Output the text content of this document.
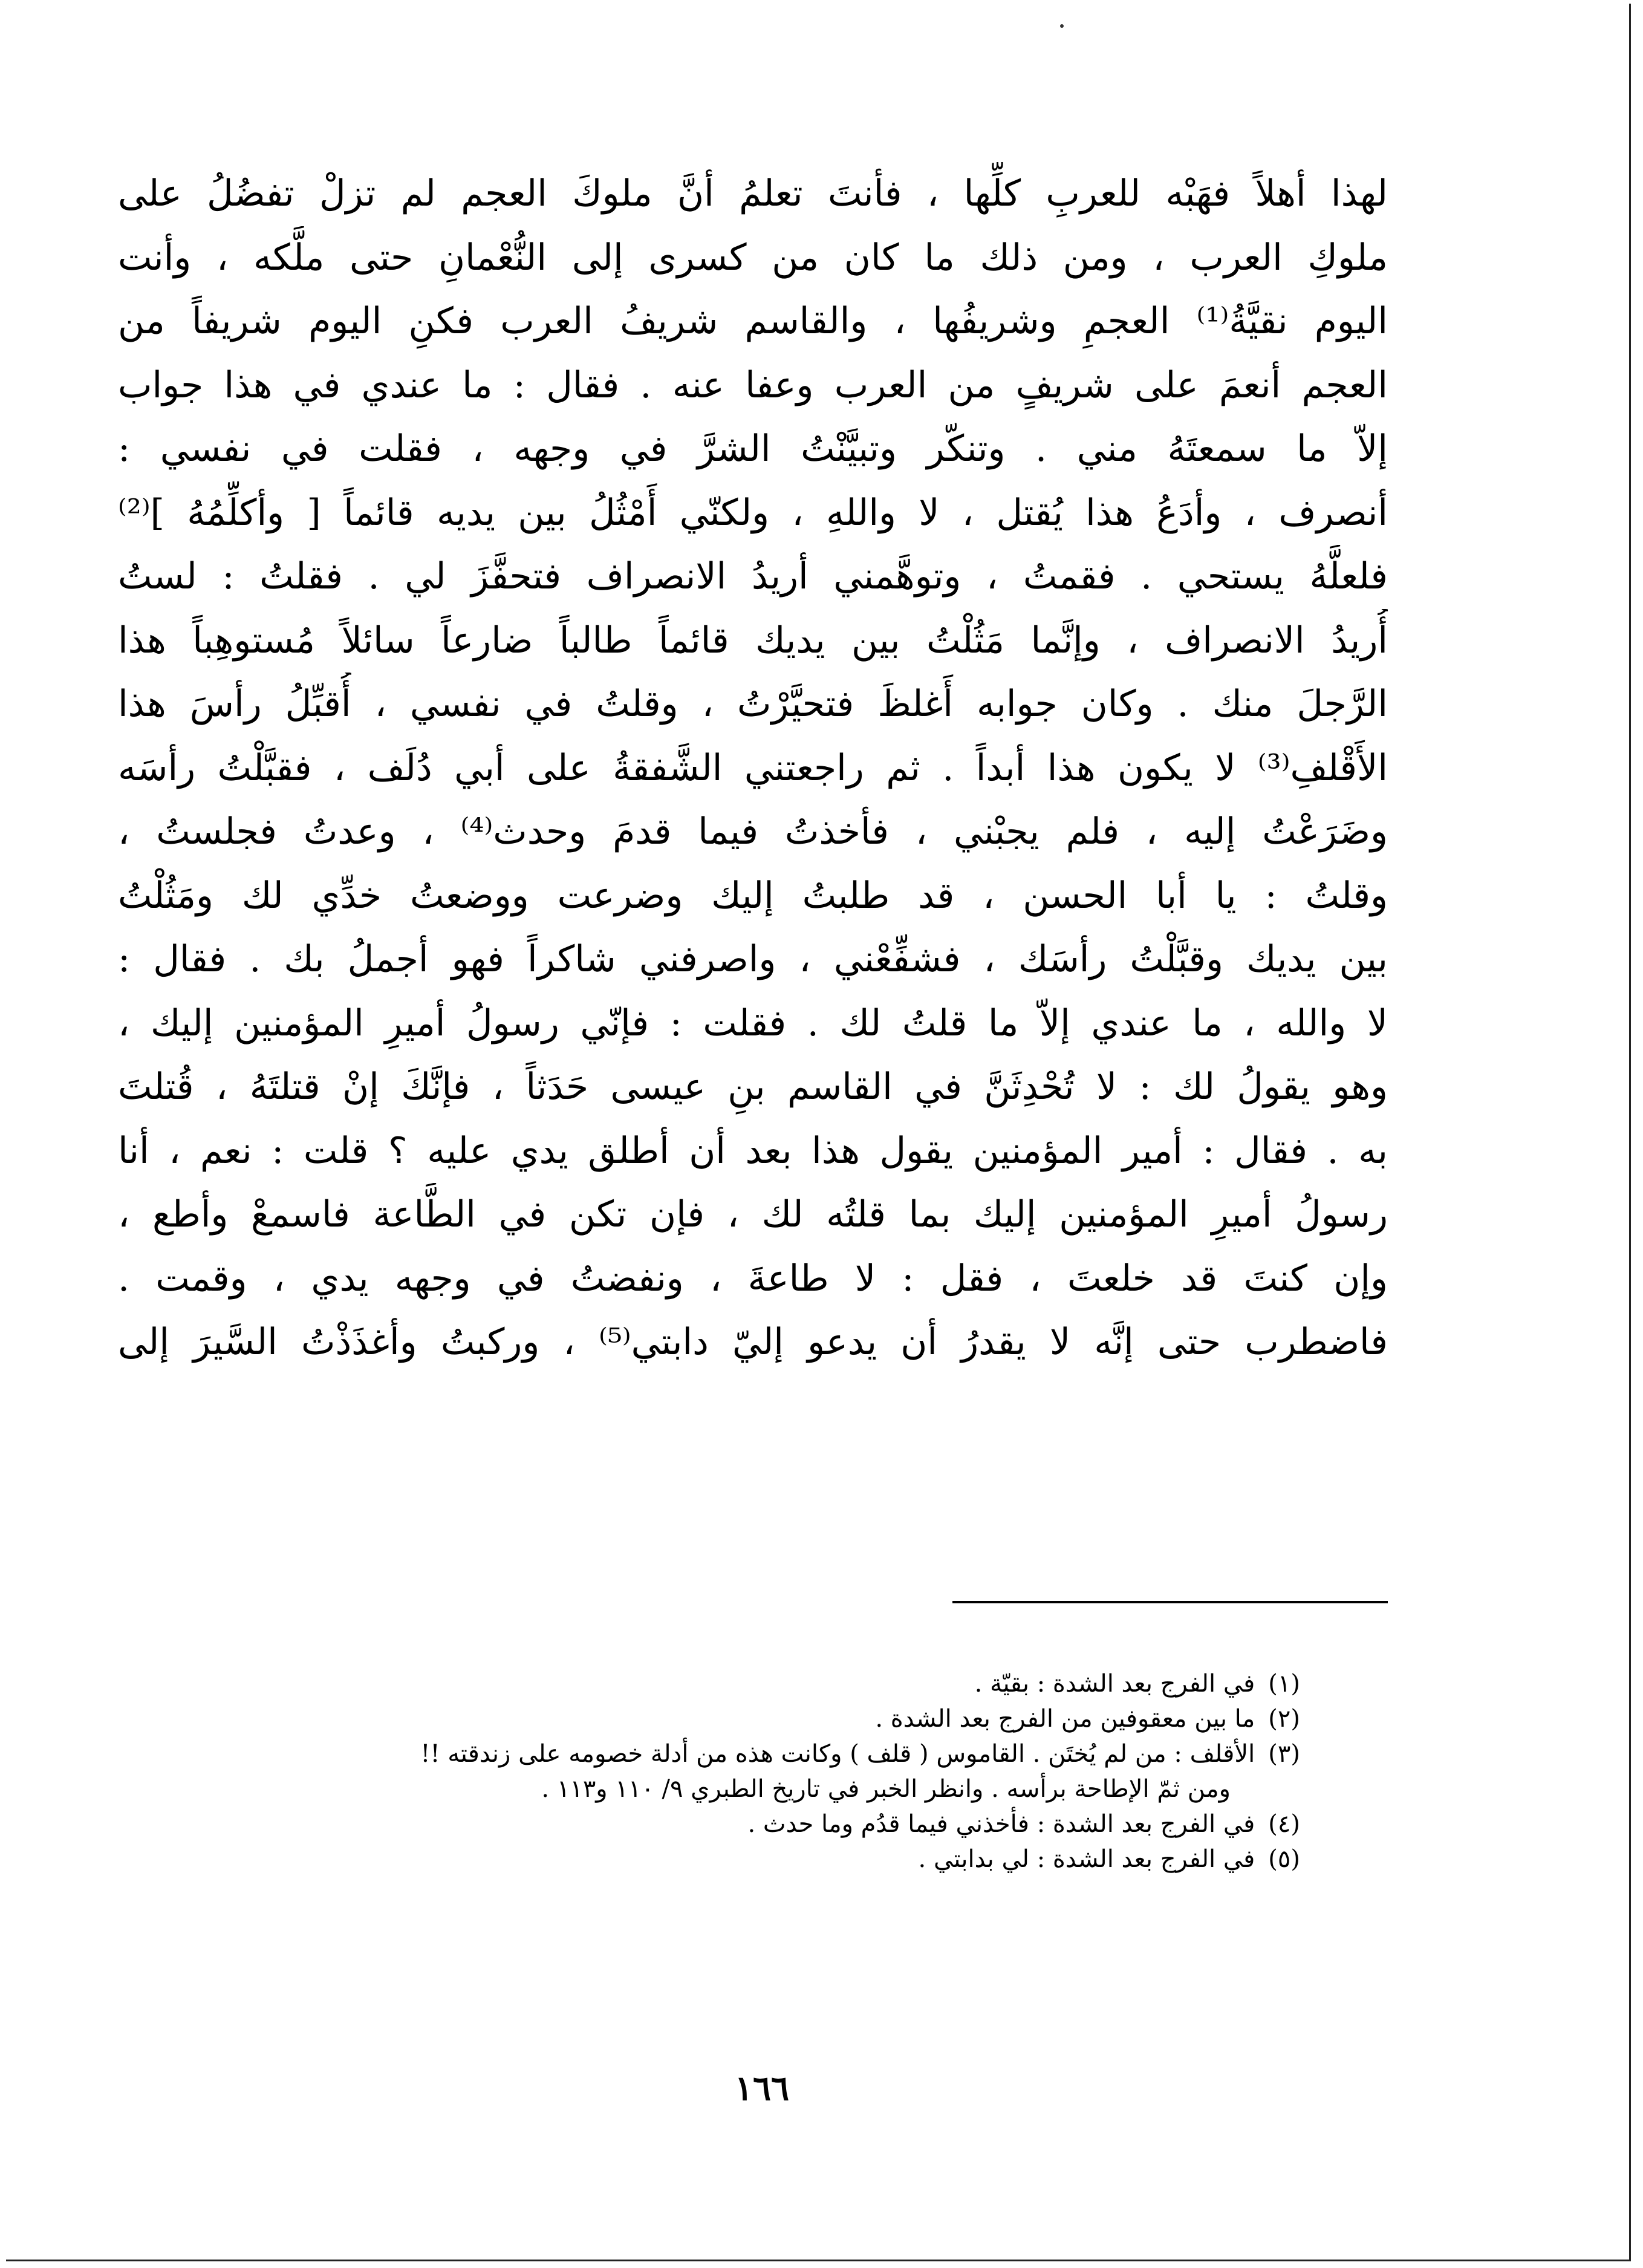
لهذا أهلاً فهَبْه للعربِ كلِّها ، فأنتَ تعلمُ أنَّ ملوكَ العجم لم تزلْ تفضُلُ على
ملوكِ العرب ، ومن ذلك ما كان من كسرى إلى النُّعْمانِ حتى ملَّكه ، وأنت
اليوم نقيَّةُ⁽¹⁾ العجمِ وشريفُها ، والقاسم شريفُ العرب فكنِ اليوم شريفاً من
العجم أنعمَ على شريفٍ من العرب وعفا عنه . فقال : ما عندي في هذا جواب
إلاّ ما سمعتَهُ مني . وتنكّر وتبيَّنْتُ الشرَّ في وجهه ، فقلت في نفسي :
أنصرف ، وأدَعُ هذا يُقتل ، لا واللهِ ، ولكنّي أَمْثُلُ بين يديه قائماً [ وأكلِّمُهُ ]⁽²⁾
فلعلَّهُ يستحي . فقمتُ ، وتوهَّمني أريدُ الانصراف فتحفَّزَ لي . فقلتُ : لستُ
أُريدُ الانصراف ، وإنَّما مَثُلْتُ بين يديك قائماً طالباً ضارعاً سائلاً مُستوهِباً هذا
الرَّجلَ منك . وكان جوابه أَغلظَ فتحيَّرْتُ ، وقلتُ في نفسي ، أُقبِّلُ رأسَ هذا
الأَقْلفِ⁽³⁾ لا يكون هذا أبداً . ثم راجعتني الشَّفقةُ على أبي دُلَف ، فقبَّلْتُ رأسَه
وضَرَعْتُ إليه ، فلم يجبْني ، فأخذتُ فيما قدمَ وحدث⁽⁴⁾ ، وعدتُ فجلستُ ،
وقلتُ : يا أبا الحسن ، قد طلبتُ إليك وضرعت ووضعتُ خدِّي لك ومَثُلْتُ
بين يديك وقبَّلْتُ رأسَك ، فشفِّعْني ، واصرفني شاكراً فهو أجملُ بك . فقال :
لا والله ، ما عندي إلاّ ما قلتُ لك . فقلت : فإنّي رسولُ أميرِ المؤمنين إليك ،
وهو يقولُ لك : لا تُحْدِثَنَّ في القاسم بنِ عيسى حَدَثاً ، فإنَّكَ إنْ قتلتَهُ ، قُتلتَ
به . فقال : أمير المؤمنين يقول هذا بعد أن أطلق يدي عليه ؟ قلت : نعم ، أنا
رسولُ أميرِ المؤمنين إليك بما قلتُه لك ، فإن تكن في الطَّاعة فاسمعْ وأطع ،
وإن كنتَ قد خلعتَ ، فقل : لا طاعةَ ، ونفضتُ في وجهه يدي ، وقمت .
فاضطرب حتى إنَّه لا يقدرُ أن يدعو إليّ دابتي⁽⁵⁾ ، وركبتُ وأغذَذْتُ السَّيرَ إلى
(١)في الفرج بعد الشدة : بقيّة .
(٢)ما بين معقوفين من الفرج بعد الشدة .
(٣)الأقلف : من لم يُختَن . القاموس ( قلف ) وكانت هذه من أدلة خصومه على زندقته !!
ومن ثمّ الإطاحة برأسه . وانظر الخبر في تاريخ الطبري ٩/ ١١٠ و١١٣ .
(٤)في الفرج بعد الشدة : فأخذني فيما قدُم وما حدث .
(٥)في الفرج بعد الشدة : لي بدابتي .
١٦٦
